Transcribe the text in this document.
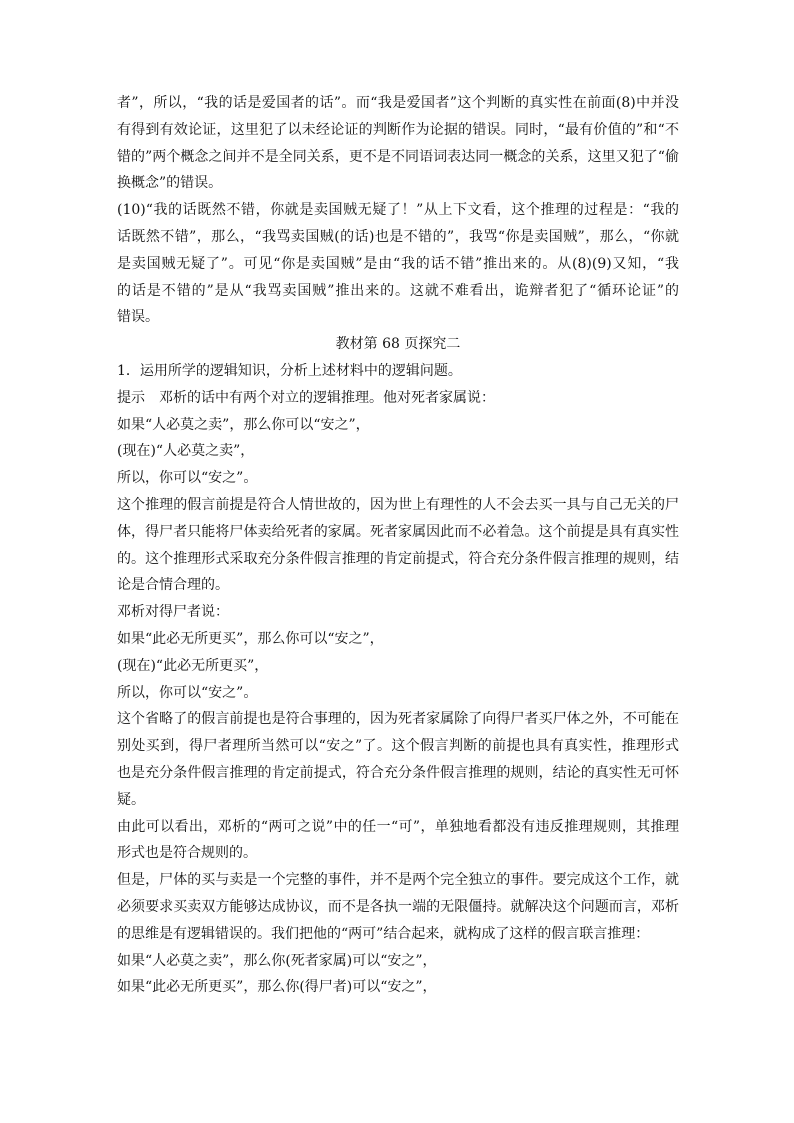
者”，所以，“我的话是爱国者的话”。而“我是爱国者”这个判断的真实性在前面(8)中并没
有得到有效论证，这里犯了以未经论证的判断作为论据的错误。同时，“最有价值的”和“不
错的”两个概念之间并不是全同关系，更不是不同语词表达同一概念的关系，这里又犯了“偷
换概念”的错误。
(10)“我的话既然不错，你就是卖国贼无疑了！”从上下文看，这个推理的过程是：“我的
话既然不错”，那么，“我骂卖国贼(的话)也是不错的”，我骂“你是卖国贼”，那么，“你就
是卖国贼无疑了”。可见“你是卖国贼”是由“我的话不错”推出来的。从(8)(9)又知，“我
的话是不错的”是从“我骂卖国贼”推出来的。这就不难看出，诡辩者犯了“循环论证”的
错误。
教材第 68 页探究二
1．运用所学的逻辑知识，分析上述材料中的逻辑问题。
提示 邓析的话中有两个对立的逻辑推理。他对死者家属说：
如果“人必莫之卖”，那么你可以“安之”，
(现在)“人必莫之卖”，
所以，你可以“安之”。
这个推理的假言前提是符合人情世故的，因为世上有理性的人不会去买一具与自己无关的尸
体，得尸者只能将尸体卖给死者的家属。死者家属因此而不必着急。这个前提是具有真实性
的。这个推理形式采取充分条件假言推理的肯定前提式，符合充分条件假言推理的规则，结
论是合情合理的。
邓析对得尸者说：
如果“此必无所更买”，那么你可以“安之”，
(现在)“此必无所更买”，
所以，你可以“安之”。
这个省略了的假言前提也是符合事理的，因为死者家属除了向得尸者买尸体之外，不可能在
别处买到，得尸者理所当然可以“安之”了。这个假言判断的前提也具有真实性，推理形式
也是充分条件假言推理的肯定前提式，符合充分条件假言推理的规则，结论的真实性无可怀
疑。
由此可以看出，邓析的“两可之说”中的任一“可”，单独地看都没有违反推理规则，其推理
形式也是符合规则的。
但是，尸体的买与卖是一个完整的事件，并不是两个完全独立的事件。要完成这个工作，就
必须要求买卖双方能够达成协议，而不是各执一端的无限僵持。就解决这个问题而言，邓析
的思维是有逻辑错误的。我们把他的“两可”结合起来，就构成了这样的假言联言推理：
如果“人必莫之卖”，那么你(死者家属)可以“安之”，
如果“此必无所更买”，那么你(得尸者)可以“安之”，
